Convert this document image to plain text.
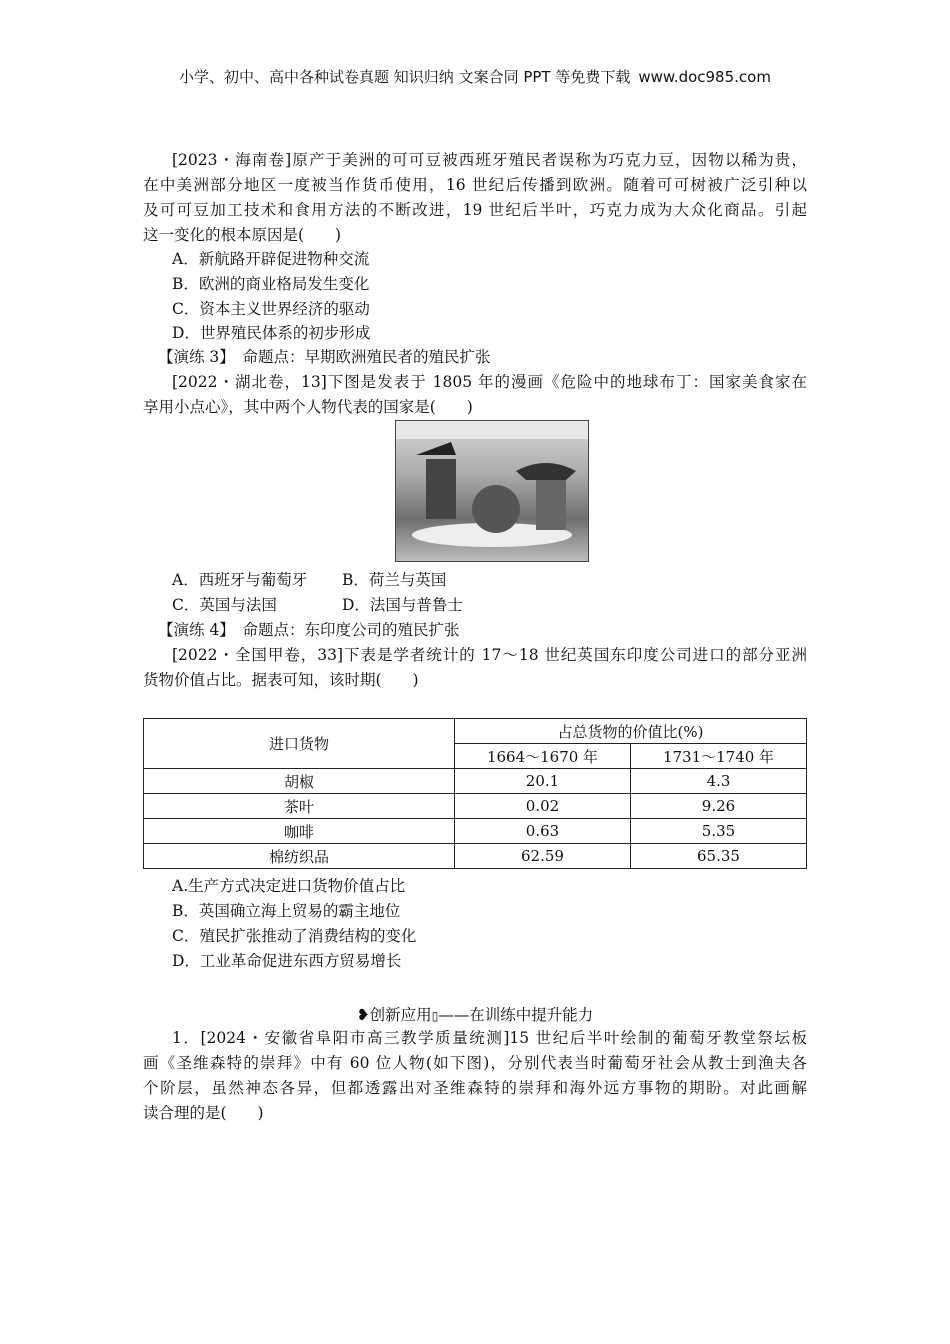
小学、初中、高中各种试卷真题 知识归纳 文案合同 PPT 等免费下载 www.doc985.com
[2023・海南卷]原产于美洲的可可豆被西班牙殖民者误称为巧克力豆，因物以稀为贵，
在中美洲部分地区一度被当作货币使用，16 世纪后传播到欧洲。随着可可树被广泛引种以
及可可豆加工技术和食用方法的不断改进，19 世纪后半叶，巧克力成为大众化商品。引起
这一变化的根本原因是(　　)
A．新航路开辟促进物种交流
B．欧洲的商业格局发生变化
C．资本主义世界经济的驱动
D．世界殖民体系的初步形成
【演练 3】　命题点：早期欧洲殖民者的殖民扩张
[2022・湖北卷，13]下图是发表于 1805 年的漫画《危险中的地球布丁：国家美食家在
享用小点心》，其中两个人物代表的国家是(　　)
A．西班牙与葡萄牙 B．荷兰与英国
C．英国与法国	D．法国与普鲁士
【演练 4】　命题点：东印度公司的殖民扩张
[2022・全国甲卷，33]下表是学者统计的 17～18 世纪英国东印度公司进口的部分亚洲
货物价值占比。据表可知，该时期(　　)
进口货物	占总货物的价值比(%)	
	1664～1670 年	1731～1740 年
胡椒	20.1	4.3
茶叶	0.02	9.26
咖啡	0.63	5.35
棉纺织品	62.59	65.35
A.生产方式决定进口货物价值占比
B．英国确立海上贸易的霸主地位
C．殖民扩张推动了消费结构的变化
D．工业革命促进东西方贸易增长
❥创新应用▯——在训练中提升能力
1．[2024・安徽省阜阳市高三教学质量统测]15 世纪后半叶绘制的葡萄牙教堂祭坛板
画《圣维森特的崇拜》中有 60 位人物(如下图)，分别代表当时葡萄牙社会从教士到渔夫各
个阶层，虽然神态各异，但都透露出对圣维森特的崇拜和海外远方事物的期盼。对此画解
读合理的是(　　)
